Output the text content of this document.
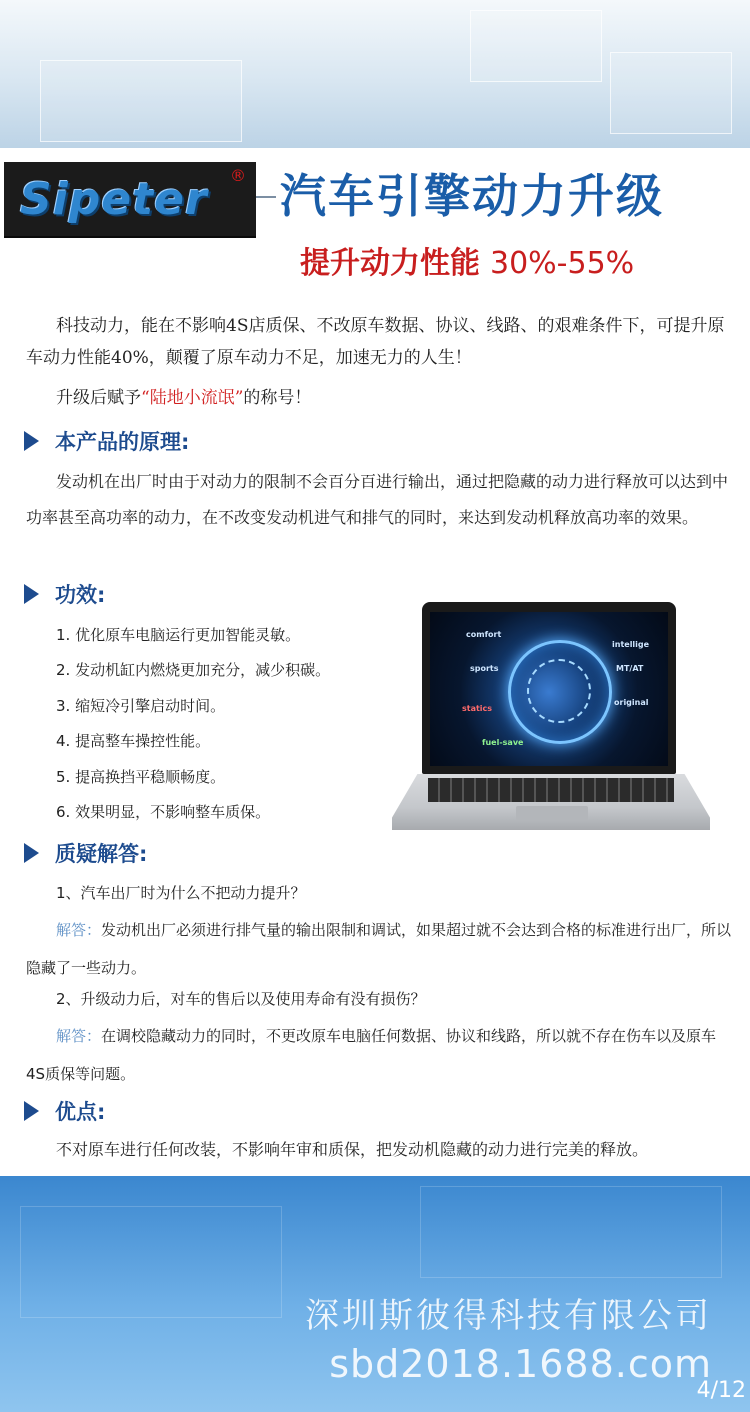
Sipeter ® 汽车引擎动力升级
提升动力性能 30%-55%
科技动力，能在不影响4S店质保、不改原车数据、协议、线路、的艰难条件下，可提升原车动力性能40%，颠覆了原车动力不足，加速无力的人生！
升级后赋予“陆地小流氓”的称号！
本产品的原理:
发动机在出厂时由于对动力的限制不会百分百进行输出，通过把隐藏的动力进行释放可以达到中功率甚至高功率的动力，在不改变发动机进气和排气的同时，来达到发动机释放高功率的效果。
功效:
1. 优化原车电脑运行更加智能灵敏。
2. 发动机缸内燃烧更加充分，减少积碳。
3. 缩短冷引擎启动时间。
4. 提高整车操控性能。
5. 提高换挡平稳顺畅度。
6. 效果明显，不影响整车质保。
comfort
intellige
sports	MT/AT
statics
original
fuel-save
质疑解答:
1、汽车出厂时为什么不把动力提升？
解答：发动机出厂必须进行排气量的输出限制和调试，如果超过就不会达到合格的标准进行出厂，所以隐藏了一些动力。
2、升级动力后，对车的售后以及使用寿命有没有损伤？
解答：在调校隐藏动力的同时，不更改原车电脑任何数据、协议和线路，所以就不存在伤车以及原车4S质保等问题。
优点:
不对原车进行任何改装，不影响年审和质保，把发动机隐藏的动力进行完美的释放。
深圳斯彼得科技有限公司
sbd2018.1688.com
4/12
